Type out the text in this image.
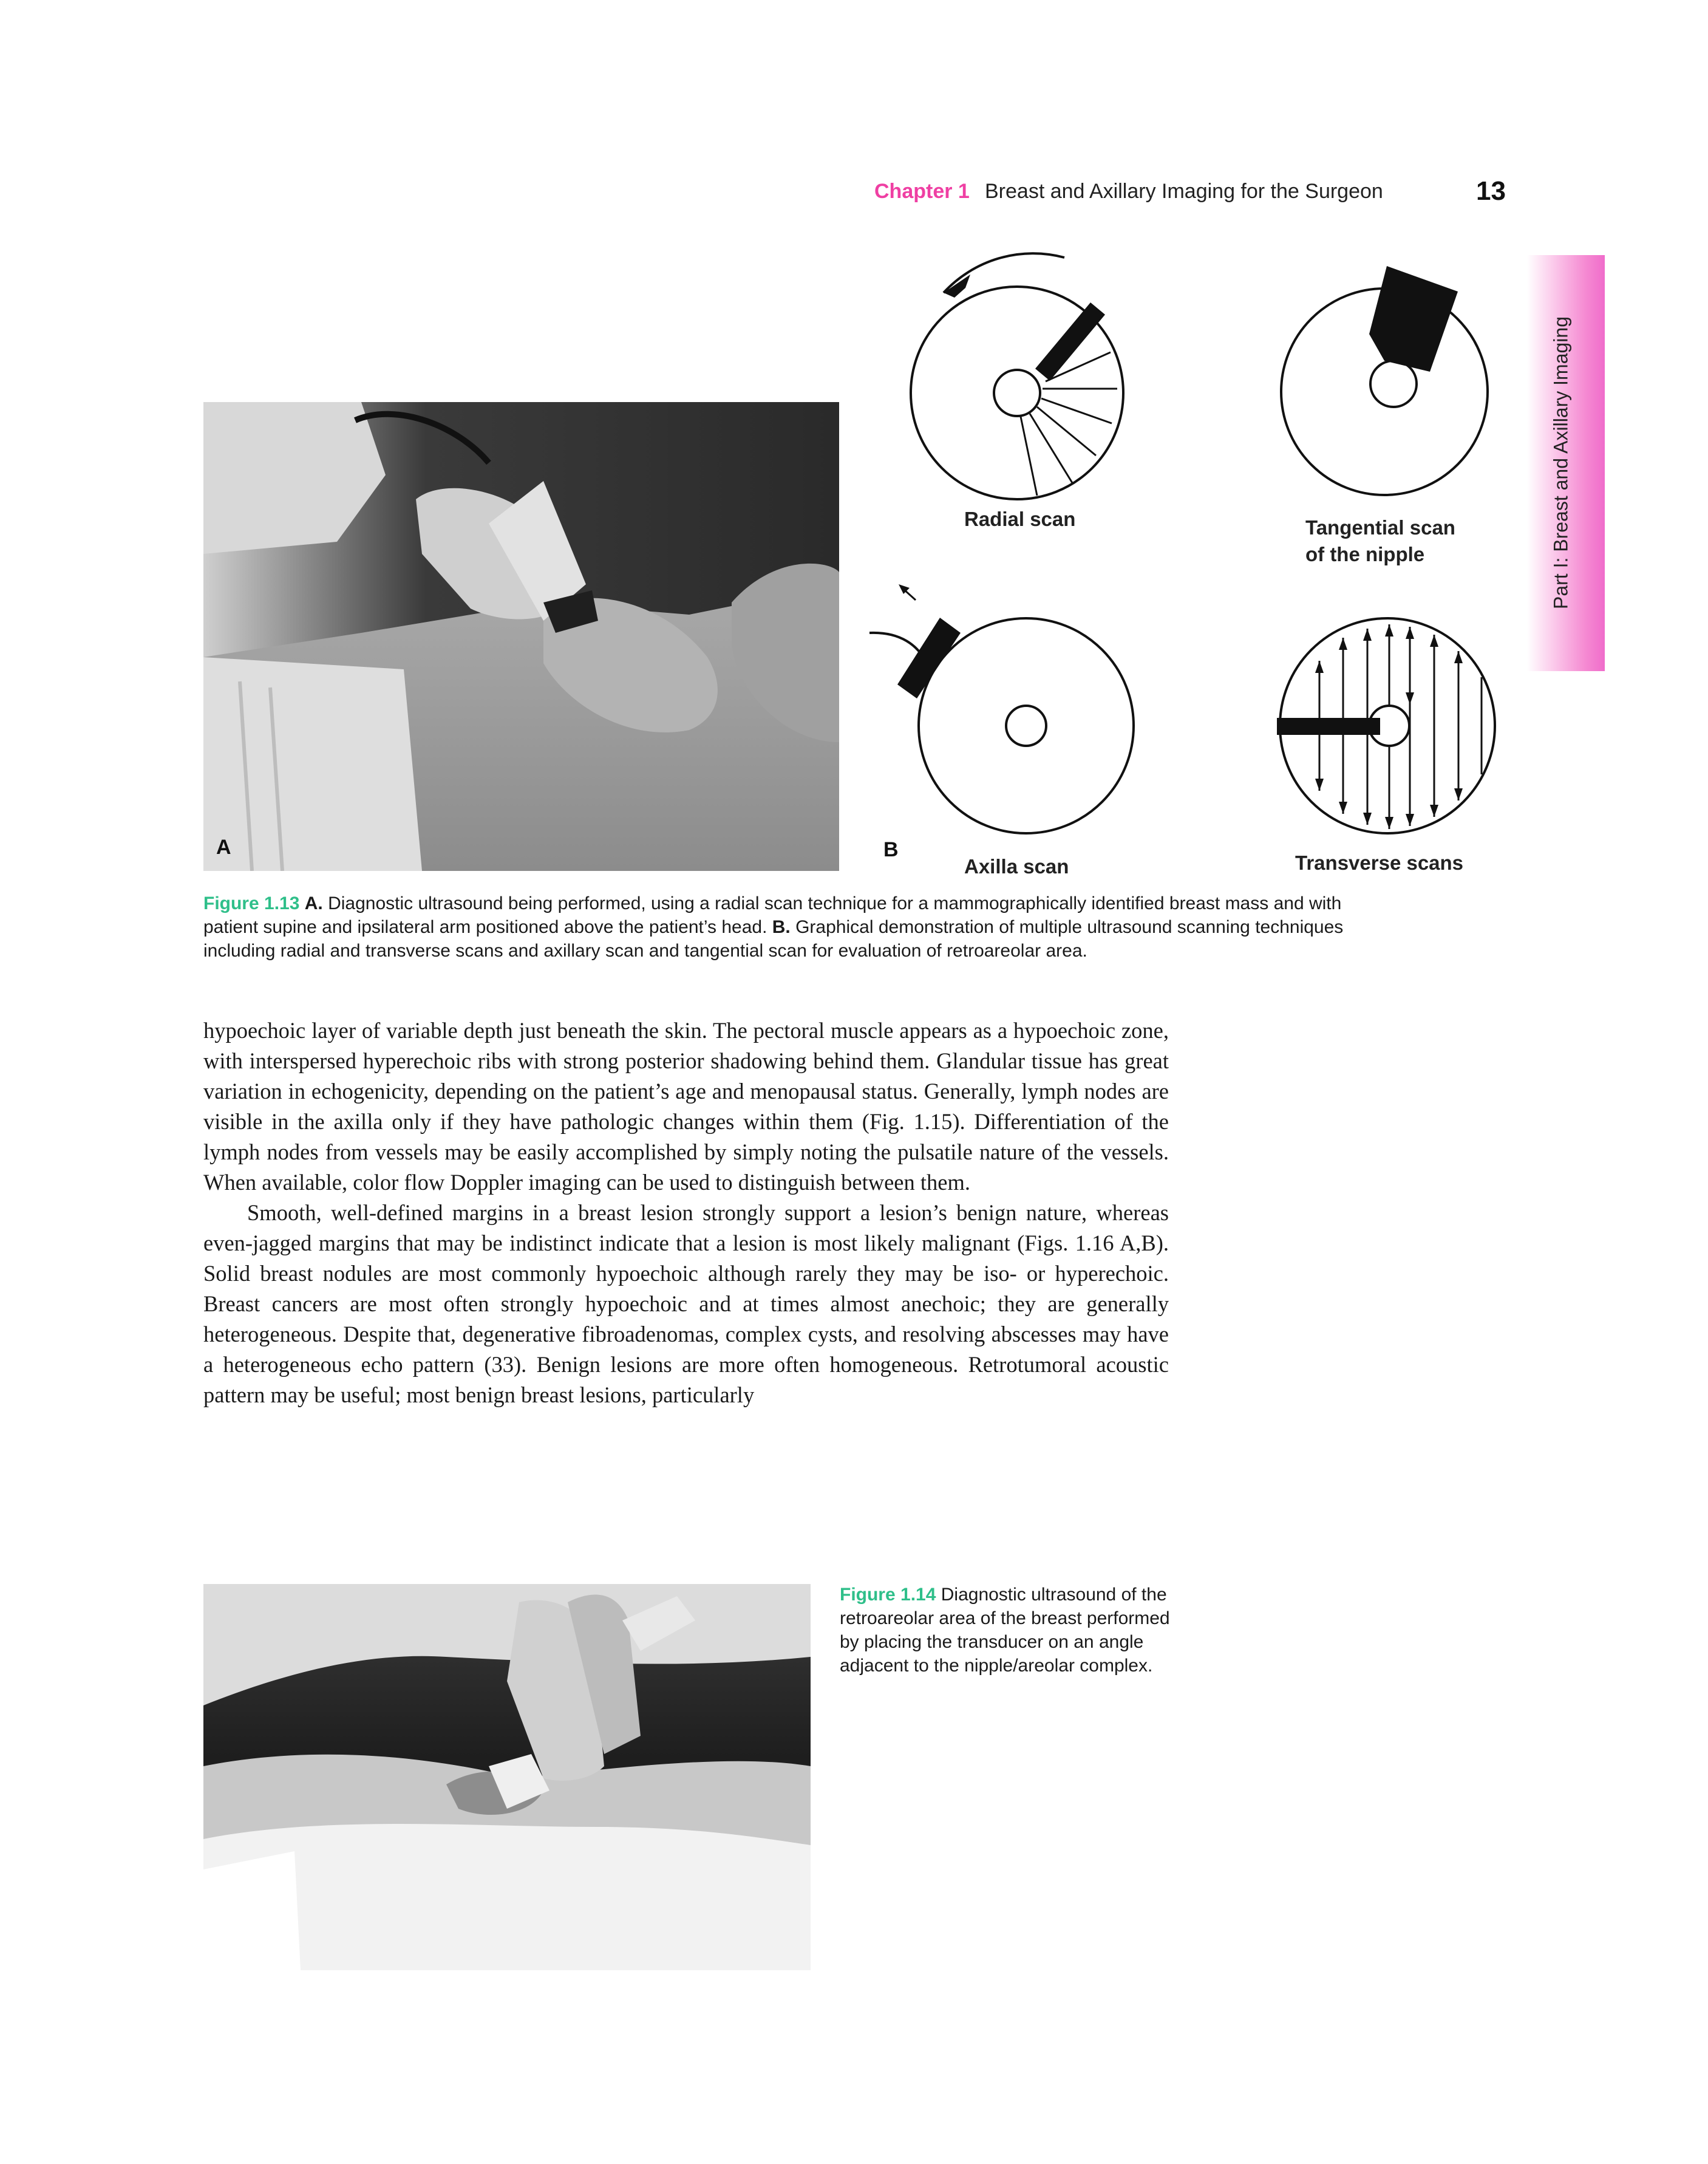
Chapter 1 Breast and Axillary Imaging for the Surgeon	13
Part I: Breast and Axillary Imaging
A
Radial scan	Tangential scan
of the nipple
B
Axilla scan	Transverse scans
Figure 1.13 A. Diagnostic ultrasound being performed, using a radial scan technique for a mammographically identified breast mass and with patient supine and ipsilateral arm positioned above the patient’s head. B. Graphical demonstration of multiple ultrasound scanning techniques including radial and transverse scans and axillary scan and tangential scan for evaluation of retroareolar area.

hypoechoic layer of variable depth just beneath the skin. The pectoral muscle appears as a hypoechoic zone, with interspersed hyperechoic ribs with strong posterior shadowing behind them. Glandular tissue has great variation in echogenicity, depending on the patient’s age and menopausal status. Generally, lymph nodes are visible in the axilla only if they have pathologic changes within them (Fig. 1.15). Differentiation of the lymph nodes from vessels may be easily accomplished by simply noting the pulsatile nature of the vessels. When available, color flow Doppler imaging can be used to distinguish between them.

Smooth, well-defined margins in a breast lesion strongly support a lesion’s benign nature, whereas even-jagged margins that may be indistinct indicate that a lesion is most likely malignant (Figs. 1.16 A,B). Solid breast nodules are most commonly hypoechoic although rarely they may be iso- or hyperechoic. Breast cancers are most often strongly hypoechoic and at times almost anechoic; they are generally heterogeneous. Despite that, degenerative fibroadenomas, complex cysts, and resolving abscesses may have a heterogeneous echo pattern (33). Benign lesions are more often homogeneous. Retrotumoral acoustic pattern may be useful; most benign breast lesions, particularly

Figure 1.14 Diagnostic ultrasound of the retroareolar area of the breast performed by placing the transducer on an angle adjacent to the nipple/areolar complex.
